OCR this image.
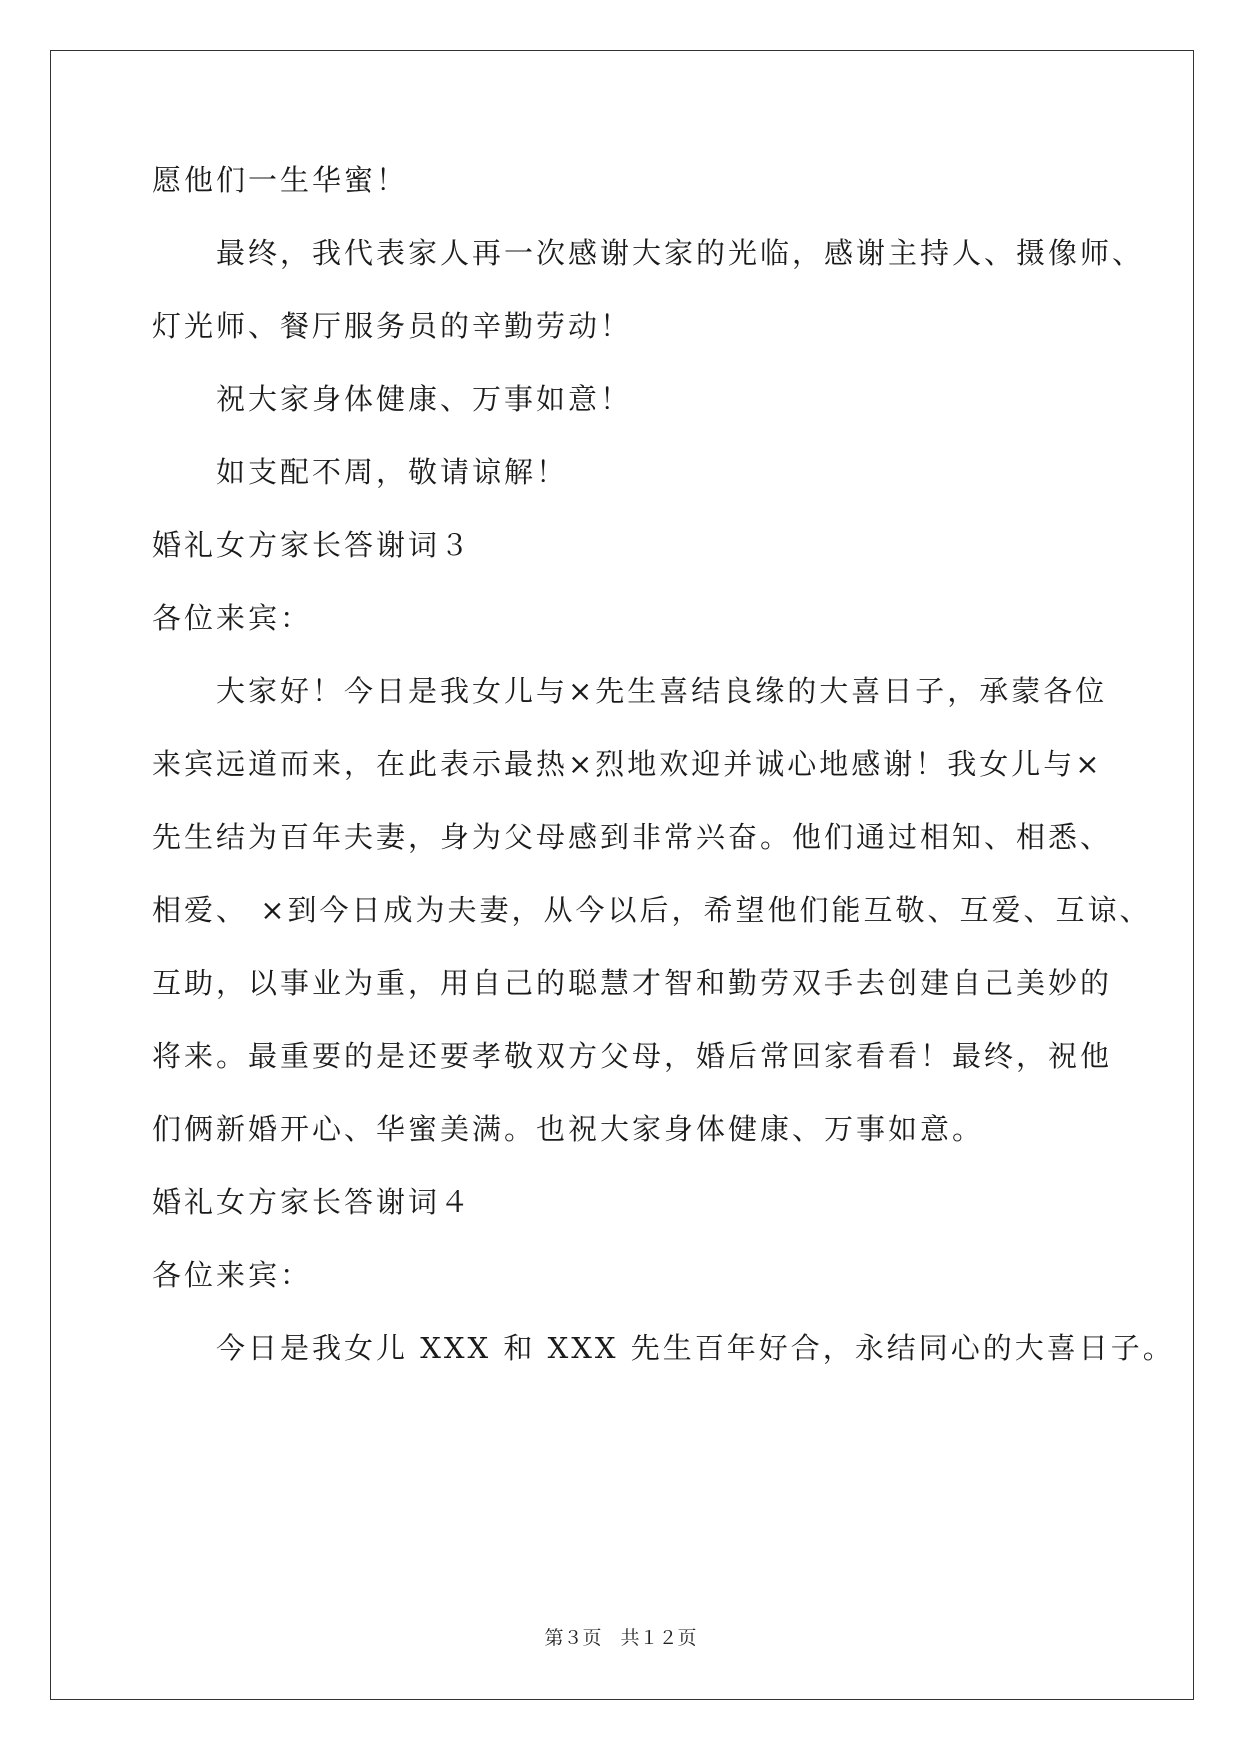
愿他们一生华蜜！
最终，我代表家人再一次感谢大家的光临，感谢主持人、摄像师、
灯光师、餐厅服务员的辛勤劳动！
祝大家身体健康、万事如意！
如支配不周，敬请谅解！
婚礼女方家长答谢词３
各位来宾：
大家好！今日是我女儿与×先生喜结良缘的大喜日子，承蒙各位
来宾远道而来，在此表示最热×烈地欢迎并诚心地感谢！我女儿与×
先生结为百年夫妻，身为父母感到非常兴奋。他们通过相知、相悉、
相爱、 ×到今日成为夫妻，从今以后，希望他们能互敬、互爱、互谅、
互助，以事业为重，用自己的聪慧才智和勤劳双手去创建自己美妙的
将来。最重要的是还要孝敬双方父母，婚后常回家看看！最终，祝他
们俩新婚开心、华蜜美满。也祝大家身体健康、万事如意。
婚礼女方家长答谢词４
各位来宾：
今日是我女儿 XXX 和 XXX 先生百年好合，永结同心的大喜日子。
第３页　共１２页
